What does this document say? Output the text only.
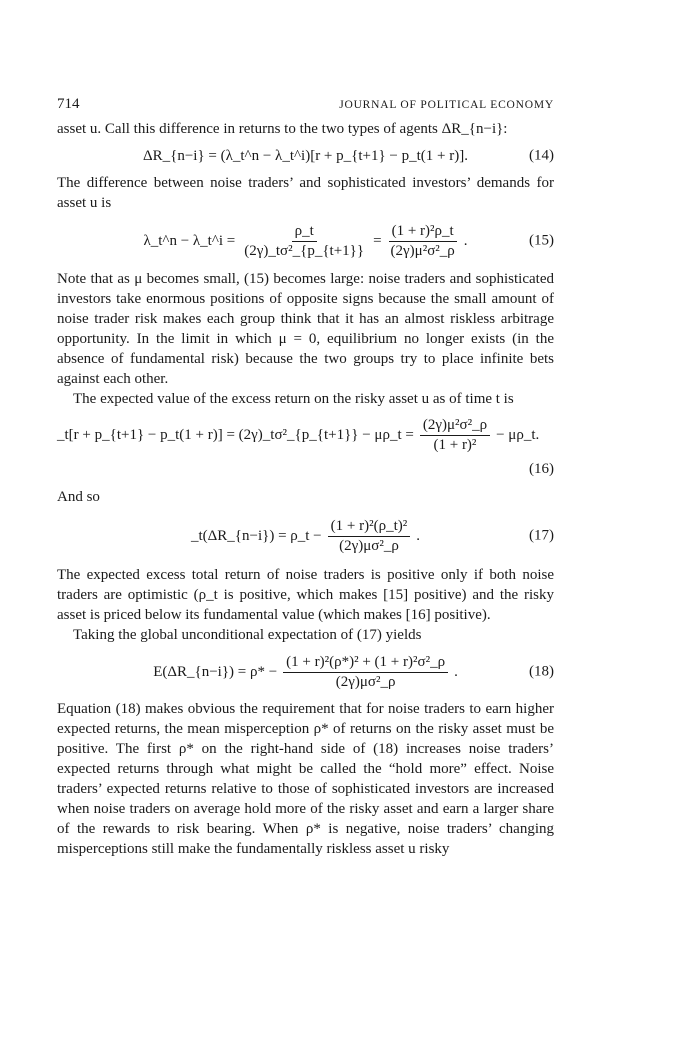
714	JOURNAL OF POLITICAL ECONOMY

asset u. Call this difference in returns to the two types of agents ΔR_{n−i}:

ΔR_{n−i} = (λ_t^n − λ_t^i)[r + p_{t+1} − p_t(1 + r)].	(14)

The difference between noise traders’ and sophisticated investors’ demands for asset u is

λ_t^n − λ_t^i = $\frac{\rho\_t}{\text{(2γ)\_tσ²\_\{p\_\{t+1\}\}}} = \frac{\text{(1 + r)²ρ\_t}}{\text{(2γ)μ²σ²\_ρ}}$ .	(15)

Note that as μ becomes small, (15) becomes large: noise traders and sophisticated investors take enormous positions of opposite signs because the small amount of noise trader risk makes each group think that it has an almost riskless arbitrage opportunity. In the limit in which μ = 0, equilibrium no longer exists (in the absence of fundamental risk) because the two groups try to place infinite bets against each other.

The expected value of the excess return on the risky asset u as of time t is

_t[r + p_{t+1} − p_t(1 + r)] = (2γ)_tσ²_{p_{t+1}} − μρ_t = $\frac{\text{(2γ)μ²σ²\_ρ}}{\text{(1 + r)²}}$ − μρ_t.
(16)

And so

_t(ΔR_{n−i}) = ρ_t − $\frac{\text{(1 + r)²(ρ\_t)²}}{\text{(2γ)μσ²\_ρ}}$ .	(17)

The expected excess total return of noise traders is positive only if both noise traders are optimistic (ρ_t is positive, which makes [15] positive) and the risky asset is priced below its fundamental value (which makes [16] positive).

Taking the global unconditional expectation of (17) yields

E(ΔR_{n−i}) = $\rho* - \frac{\text{(1 + r)²(ρ*)² + (1 + r)²σ²\_ρ}}{\text{(2γ)μσ²\_ρ}}$ .	(18)

Equation (18) makes obvious the requirement that for noise traders to earn higher expected returns, the mean misperception ρ* of returns on the risky asset must be positive. The first ρ* on the right-hand side of (18) increases noise traders’ expected returns through what might be called the “hold more” effect. Noise traders’ expected returns relative to those of sophisticated investors are increased when noise traders on average hold more of the risky asset and earn a larger share of the rewards to risk bearing. When ρ* is negative, noise traders’ changing misperceptions still make the fundamentally riskless asset u risky
